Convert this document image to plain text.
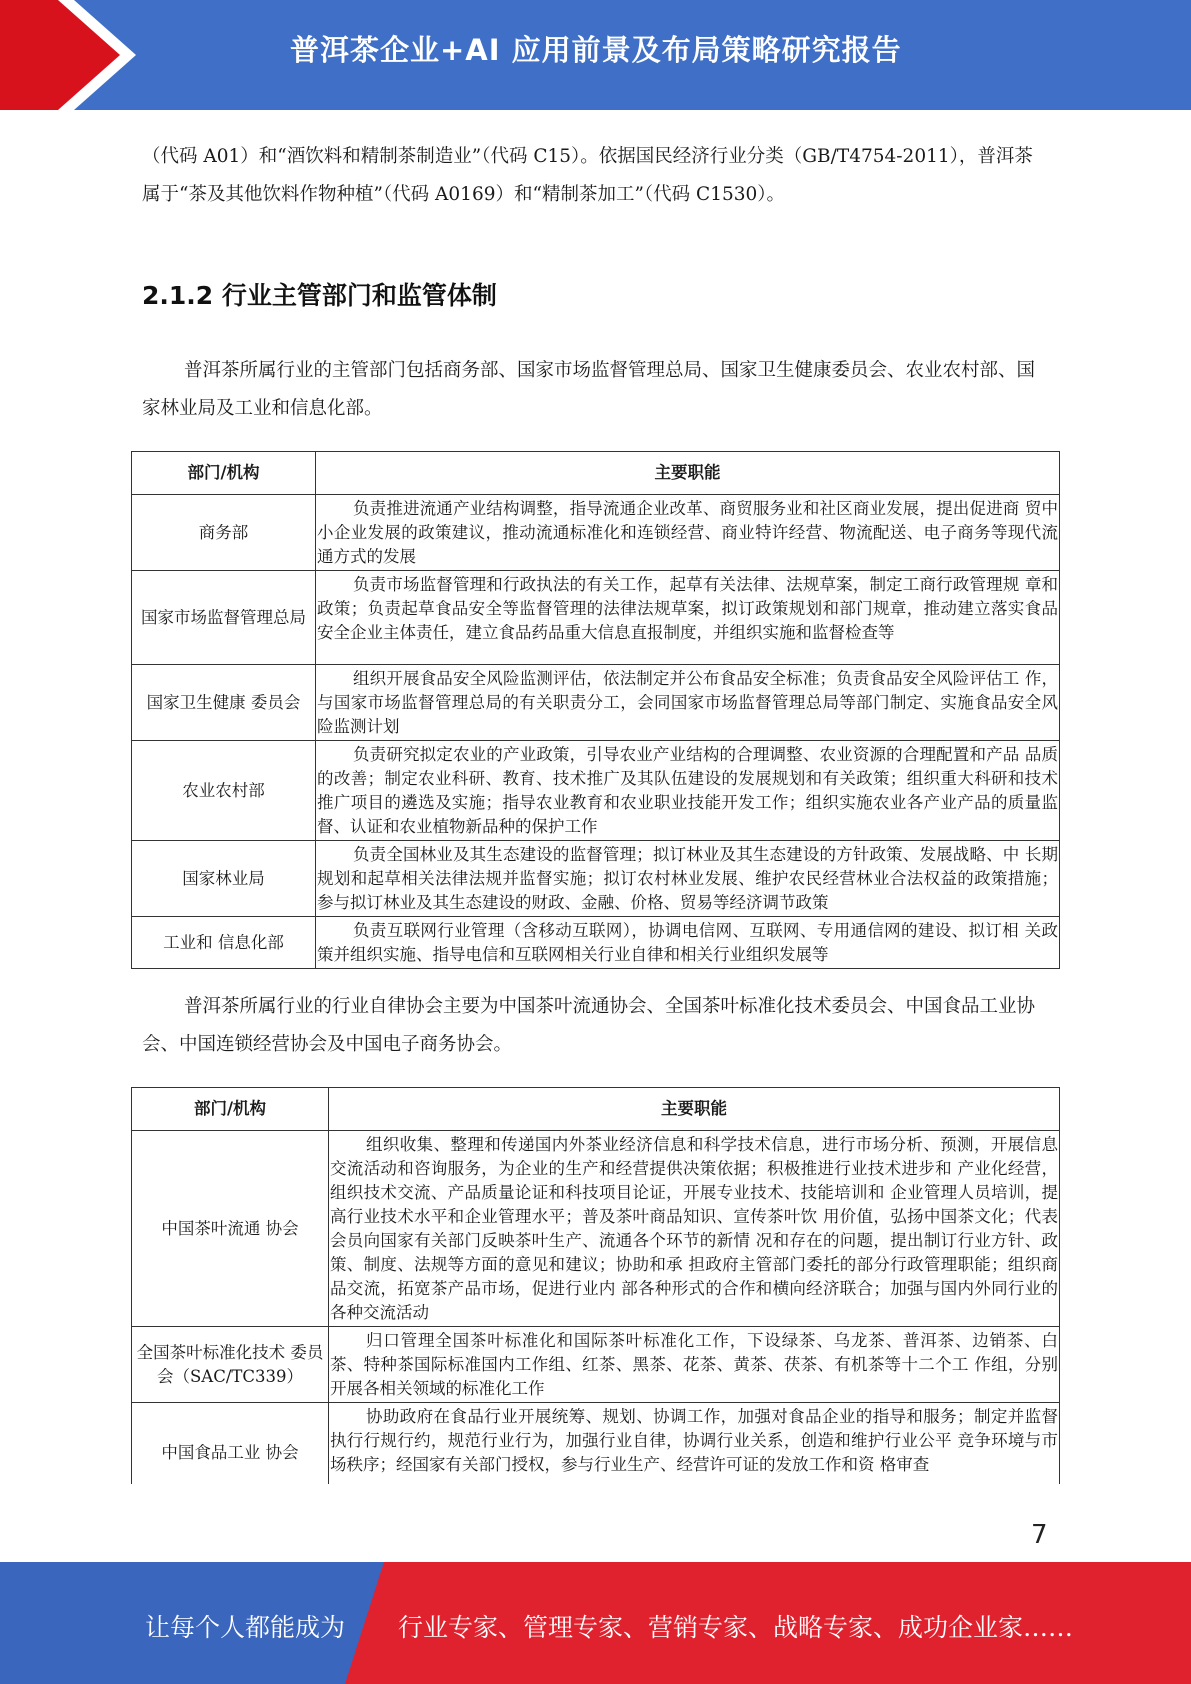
普洱茶企业+AI 应用前景及布局策略研究报告
（代码 A01）和“酒饮料和精制茶制造业”（代码 C15）。依据国民经济行业分类（GB/T4754-2011），普洱茶属于“茶及其他饮料作物种植”（代码 A0169）和“精制茶加工”（代码 C1530）。
2.1.2 行业主管部门和监管体制
普洱茶所属行业的主管部门包括商务部、国家市场监督管理总局、国家卫生健康委员会、农业农村部、国家林业局及工业和信息化部。
部门/机构	主要职能
商务部	负责推进流通产业结构调整，指导流通企业改革、商贸服务业和社区商业发展，提出促进商 贸中小企业发展的政策建议，推动流通标准化和连锁经营、商业特许经营、物流配送、电子商务等现代流通方式的发展
国家市场监督管理总局	负责市场监督管理和行政执法的有关工作，起草有关法律、法规草案，制定工商行政管理规 章和政策；负责起草食品安全等监督管理的法律法规草案，拟订政策规划和部门规章，推动建立落实食品安全企业主体责任，建立食品药品重大信息直报制度，并组织实施和监督检查等
国家卫生健康 委员会	组织开展食品安全风险监测评估，依法制定并公布食品安全标准；负责食品安全风险评估工 作，与国家市场监督管理总局的有关职责分工，会同国家市场监督管理总局等部门制定、实施食品安全风险监测计划
农业农村部	负责研究拟定农业的产业政策，引导农业产业结构的合理调整、农业资源的合理配置和产品 品质的改善；制定农业科研、教育、技术推广及其队伍建设的发展规划和有关政策；组织重大科研和技术推广项目的遴选及实施；指导农业教育和农业职业技能开发工作；组织实施农业各产业产品的质量监督、认证和农业植物新品种的保护工作
国家林业局	负责全国林业及其生态建设的监督管理；拟订林业及其生态建设的方针政策、发展战略、中 长期规划和起草相关法律法规并监督实施；拟订农村林业发展、维护农民经营林业合法权益的政策措施；参与拟订林业及其生态建设的财政、金融、价格、贸易等经济调节政策
工业和 信息化部	负责互联网行业管理（含移动互联网），协调电信网、互联网、专用通信网的建设、拟订相 关政策并组织实施、指导电信和互联网相关行业自律和相关行业组织发展等
普洱茶所属行业的行业自律协会主要为中国茶叶流通协会、全国茶叶标准化技术委员会、中国食品工业协会、中国连锁经营协会及中国电子商务协会。
部门/机构	主要职能
中国茶叶流通 协会	组织收集、整理和传递国内外茶业经济信息和科学技术信息，进行市场分析、预测，开展信息交流活动和咨询服务，为企业的生产和经营提供决策依据；积极推进行业技术进步和 产业化经营，组织技术交流、产品质量论证和科技项目论证，开展专业技术、技能培训和 企业管理人员培训，提高行业技术水平和企业管理水平；普及茶叶商品知识、宣传茶叶饮 用价值，弘扬中国茶文化；代表会员向国家有关部门反映茶叶生产、流通各个环节的新情 况和存在的问题，提出制订行业方针、政策、制度、法规等方面的意见和建议；协助和承 担政府主管部门委托的部分行政管理职能；组织商品交流，拓宽茶产品市场，促进行业内 部各种形式的合作和横向经济联合；加强与国内外同行业的各种交流活动
全国茶叶标准化技术 委员会（SAC/TC339）	归口管理全国茶叶标准化和国际茶叶标准化工作，下设绿茶、乌龙茶、普洱茶、边销茶、白茶、特种茶国际标准国内工作组、红茶、黑茶、花茶、黄茶、茯茶、有机茶等十二个工 作组，分别开展各相关领域的标准化工作
中国食品工业 协会	协助政府在食品行业开展统筹、规划、协调工作，加强对食品企业的指导和服务；制定并监督执行行规行约，规范行业行为，加强行业自律，协调行业关系，创造和维护行业公平 竞争环境与市场秩序；经国家有关部门授权，参与行业生产、经营许可证的发放工作和资 格审查
7
让每个人都能成为 行业专家、管理专家、营销专家、战略专家、成功企业家……
